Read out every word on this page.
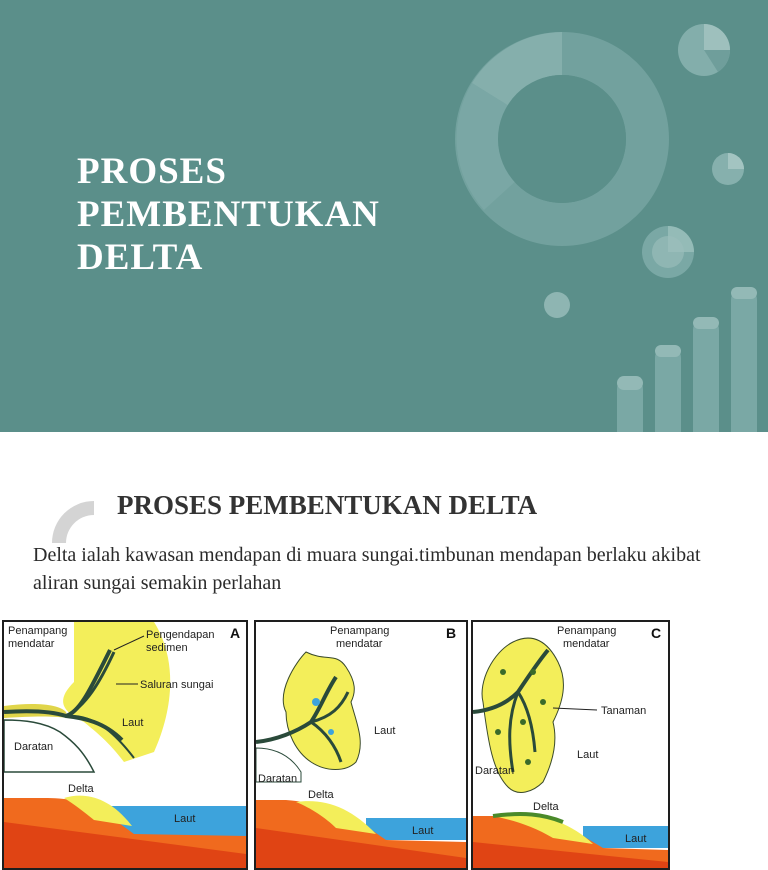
PROSES
PEMBENTUKAN
DELTA
PROSES PEMBENTUKAN DELTA

Delta ialah kawasan mendapan di muara sungai.timbunan mendapan berlaku akibat aliran sungai semakin perlahan

Penampang mendatar
Pengendapan sedimen
Saluran sungai
Laut
Daratan
A
Delta
Laut
Penampang mendatar
B
Laut
Daratan
Delta
Laut
Penampang mendatar
C
Tanaman
Laut
Daratan
Delta
Laut
